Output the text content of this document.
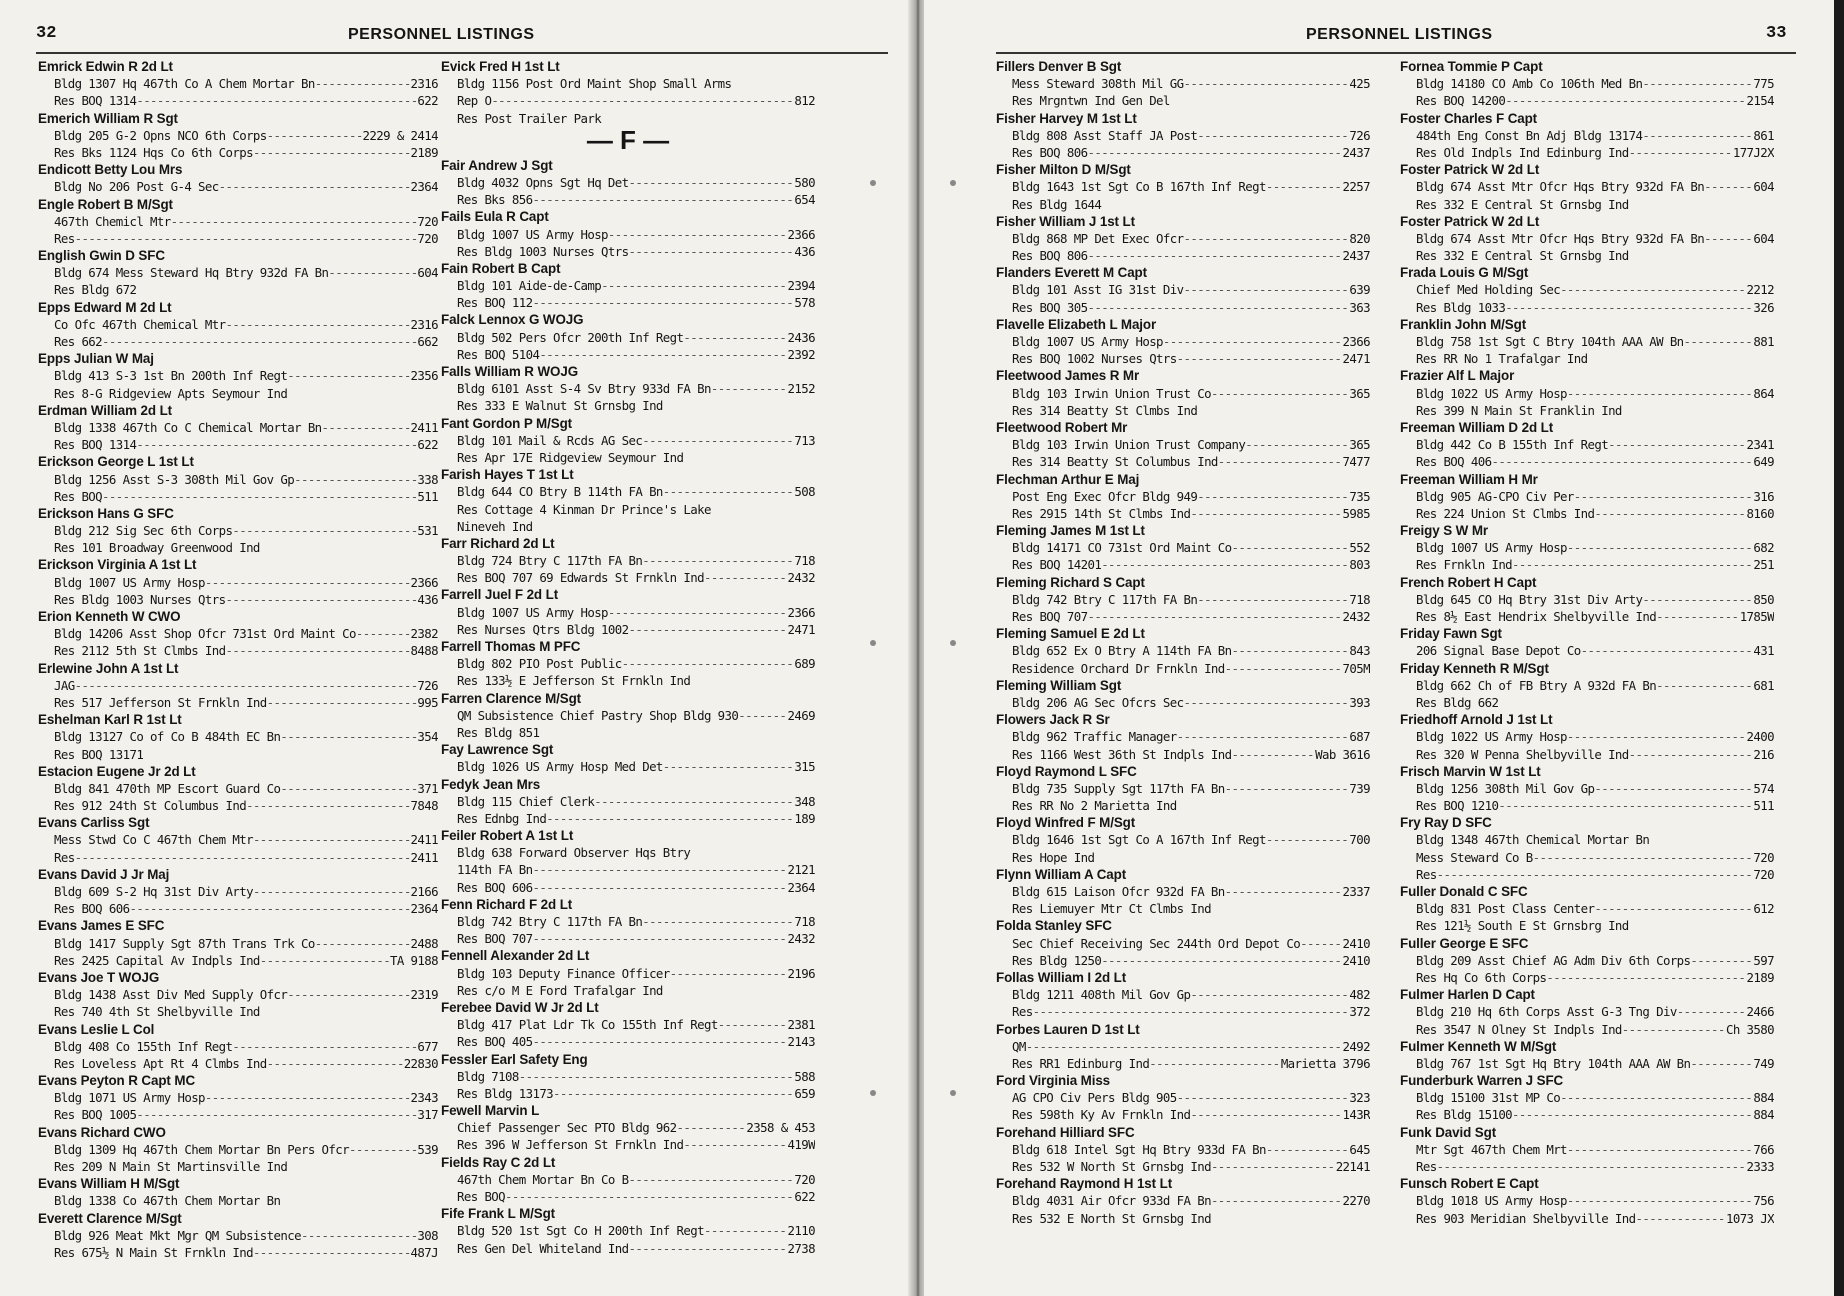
32	PERSONNEL LISTINGS
Emrick Edwin R 2d Lt
Bldg 1307 Hq 467th Co A Chem Mortar Bn -----	2316
Res BOQ 1314 -----	622
Emerich William R Sgt
Bldg 205 G-2 Opns NCO 6th Corps -----	2229 & 2414
Res Bks 1124 Hqs Co 6th Corps -----	2189
Endicott Betty Lou Mrs
Bldg No 206 Post G-4 Sec -----	2364
Engle Robert B M/Sgt
467th Chemicl Mtr -----	720
Res -----	720
English Gwin D SFC
Bldg 674 Mess Steward Hq Btry 932d FA Bn -----	604
Res Bldg 672
Epps Edward M 2d Lt
Co Ofc 467th Chemical Mtr -----	2316
Res 662 -----	662
Epps Julian W Maj
Bldg 413 S-3 1st Bn 200th Inf Regt -----	2356
Res 8-G Ridgeview Apts Seymour Ind
Erdman William 2d Lt
Bldg 1338 467th Co C Chemical Mortar Bn -----	2411
Res BOQ 1314 -----	622
Erickson George L 1st Lt
Bldg 1256 Asst S-3 308th Mil Gov Gp -----	338
Res BOQ -----	511
Erickson Hans G SFC
Bldg 212 Sig Sec 6th Corps -----	531
Res 101 Broadway Greenwood Ind
Erickson Virginia A 1st Lt
Bldg 1007 US Army Hosp -----	2366
Res Bldg 1003 Nurses Qtrs -----	436
Erion Kenneth W CWO
Bldg 14206 Asst Shop Ofcr 731st Ord Maint Co -----	2382
Res 2112 5th St Clmbs Ind -----	8488
Erlewine John A 1st Lt
JAG -----	726
Res 517 Jefferson St Frnkln Ind -----	995
Eshelman Karl R 1st Lt
Bldg 13127 Co of Co B 484th EC Bn -----	354
Res BOQ 13171
Estacion Eugene Jr 2d Lt
Bldg 841 470th MP Escort Guard Co -----	371
Res 912 24th St Columbus Ind -----	7848
Evans Carliss Sgt
Mess Stwd Co C 467th Chem Mtr -----	2411
Res -----	2411
Evans David J Jr Maj
Bldg 609 S-2 Hq 31st Div Arty -----	2166
Res BOQ 606 -----	2364
Evans James E SFC
Bldg 1417 Supply Sgt 87th Trans Trk Co -----	2488
Res 2425 Capital Av Indpls Ind -----	TA 9188
Evans Joe T WOJG
Bldg 1438 Asst Div Med Supply Ofcr -----	2319
Res 740 4th St Shelbyville Ind
Evans Leslie L Col
Bldg 408 Co 155th Inf Regt -----	677
Res Loveless Apt Rt 4 Clmbs Ind -----	22830
Evans Peyton R Capt MC
Bldg 1071 US Army Hosp -----	2343
Res BOQ 1005 -----	317
Evans Richard CWO
Bldg 1309 Hq 467th Chem Mortar Bn Pers Ofcr -----	539
Res 209 N Main St Martinsville Ind
Evans William H M/Sgt
Bldg 1338 Co 467th Chem Mortar Bn
Everett Clarence M/Sgt
Bldg 926 Meat Mkt Mgr QM Subsistence -----	308
Res 675½ N Main St Frnkln Ind -----	487J
Evick Fred H 1st Lt
Bldg 1156 Post Ord Maint Shop Small Arms
Rep O -----	812
Res Post Trailer Park
— F —
Fair Andrew J Sgt
Bldg 4032 Opns Sgt Hq Det -----	580
Res Bks 856 -----	654
Fails Eula R Capt
Bldg 1007 US Army Hosp -----	2366
Res Bldg 1003 Nurses Qtrs -----	436
Fain Robert B Capt
Bldg 101 Aide-de-Camp -----	2394
Res BOQ 112 -----	578
Falck Lennox G WOJG
Bldg 502 Pers Ofcr 200th Inf Regt -----	2436
Res BOQ 5104 -----	2392
Falls William R WOJG
Bldg 6101 Asst S-4 Sv Btry 933d FA Bn -----	2152
Res 333 E Walnut St Grnsbg Ind
Fant Gordon P M/Sgt
Bldg 101 Mail & Rcds AG Sec -----	713
Res Apr 17E Ridgeview Seymour Ind
Farish Hayes T 1st Lt
Bldg 644 CO Btry B 114th FA Bn -----	508
Res Cottage 4 Kinman Dr Prince's Lake
Nineveh Ind
Farr Richard 2d Lt
Bldg 724 Btry C 117th FA Bn -----	718
Res BOQ 707 69 Edwards St Frnkln Ind -----	2432
Farrell Juel F 2d Lt
Bldg 1007 US Army Hosp -----	2366
Res Nurses Qtrs Bldg 1002 -----	2471
Farrell Thomas M PFC
Bldg 802 PIO Post Public -----	689
Res 133½ E Jefferson St Frnkln Ind
Farren Clarence M/Sgt
QM Subsistence Chief Pastry Shop Bldg 930 -----	2469
Res Bldg 851
Fay Lawrence Sgt
Bldg 1026 US Army Hosp Med Det -----	315
Fedyk Jean Mrs
Bldg 115 Chief Clerk -----	348
Res Ednbg Ind -----	189
Feiler Robert A 1st Lt
Bldg 638 Forward Observer Hqs Btry
114th FA Bn -----	2121
Res BOQ 606 -----	2364
Fenn Richard F 2d Lt
Bldg 742 Btry C 117th FA Bn -----	718
Res BOQ 707 -----	2432
Fennell Alexander 2d Lt
Bldg 103 Deputy Finance Officer -----	2196
Res c/o M E Ford Trafalgar Ind
Ferebee David W Jr 2d Lt
Bldg 417 Plat Ldr Tk Co 155th Inf Regt -----	2381
Res BOQ 405 -----	2143
Fessler Earl Safety Eng
Bldg 7108 -----	588
Res Bldg 13173 -----	659
Fewell Marvin L
Chief Passenger Sec PTO Bldg 962 -----	2358 & 453
Res 396 W Jefferson St Frnkln Ind -----	419W
Fields Ray C 2d Lt
467th Chem Mortar Bn Co B -----	720
Res BOQ -----	622
Fife Frank L M/Sgt
Bldg 520 1st Sgt Co H 200th Inf Regt -----	2110
Res Gen Del Whiteland Ind -----	2738
PERSONNEL LISTINGS	33
Fillers Denver B Sgt
Mess Steward 308th Mil GG -----	425
Res Mrgntwn Ind Gen Del
Fisher Harvey M 1st Lt
Bldg 808 Asst Staff JA Post -----	726
Res BOQ 806 -----	2437
Fisher Milton D M/Sgt
Bldg 1643 1st Sgt Co B 167th Inf Regt -----	2257
Res Bldg 1644
Fisher William J 1st Lt
Bldg 868 MP Det Exec Ofcr -----	820
Res BOQ 806 -----	2437
Flanders Everett M Capt
Bldg 101 Asst IG 31st Div -----	639
Res BOQ 305 -----	363
Flavelle Elizabeth L Major
Bldg 1007 US Army Hosp -----	2366
Res BOQ 1002 Nurses Qtrs -----	2471
Fleetwood James R Mr
Bldg 103 Irwin Union Trust Co -----	365
Res 314 Beatty St Clmbs Ind
Fleetwood Robert Mr
Bldg 103 Irwin Union Trust Company -----	365
Res 314 Beatty St Columbus Ind -----	7477
Flechman Arthur E Maj
Post Eng Exec Ofcr Bldg 949 -----	735
Res 2915 14th St Clmbs Ind -----	5985
Fleming James M 1st Lt
Bldg 14171 CO 731st Ord Maint Co -----	552
Res BOQ 14201 -----	803
Fleming Richard S Capt
Bldg 742 Btry C 117th FA Bn -----	718
Res BOQ 707 -----	2432
Fleming Samuel E 2d Lt
Bldg 652 Ex O Btry A 114th FA Bn -----	843
Residence Orchard Dr Frnkln Ind -----	705M
Fleming William Sgt
Bldg 206 AG Sec Ofcrs Sec -----	393
Flowers Jack R Sr
Bldg 962 Traffic Manager -----	687
Res 1166 West 36th St Indpls Ind -----	Wab 3616
Floyd Raymond L SFC
Bldg 735 Supply Sgt 117th FA Bn -----	739
Res RR No 2 Marietta Ind
Floyd Winfred F M/Sgt
Bldg 1646 1st Sgt Co A 167th Inf Regt -----	700
Res Hope Ind
Flynn William A Capt
Bldg 615 Laison Ofcr 932d FA Bn -----	2337
Res Liemuyer Mtr Ct Clmbs Ind
Folda Stanley SFC
Sec Chief Receiving Sec 244th Ord Depot Co -----	2410
Res Bldg 1250 -----	2410
Follas William I 2d Lt
Bldg 1211 408th Mil Gov Gp -----	482
Res -----	372
Forbes Lauren D 1st Lt
QM -----	2492
Res RR1 Edinburg Ind -----	Marietta 3796
Ford Virginia Miss
AG CPO Civ Pers Bldg 905 -----	323
Res 598th Ky Av Frnkln Ind -----	143R
Forehand Hilliard SFC
Bldg 618 Intel Sgt Hq Btry 933d FA Bn -----	645
Res 532 W North St Grnsbg Ind -----	22141
Forehand Raymond H 1st Lt
Bldg 4031 Air Ofcr 933d FA Bn -----	2270
Res 532 E North St Grnsbg Ind
Fornea Tommie P Capt
Bldg 14180 CO Amb Co 106th Med Bn -----	775
Res BOQ 14200 -----	2154
Foster Charles F Capt
484th Eng Const Bn Adj Bldg 13174 -----	861
Res Old Indpls Ind Edinburg Ind -----	177J2X
Foster Patrick W 2d Lt
Bldg 674 Asst Mtr Ofcr Hqs Btry 932d FA Bn -----	604
Res 332 E Central St Grnsbg Ind
Foster Patrick W 2d Lt
Bldg 674 Asst Mtr Ofcr Hqs Btry 932d FA Bn -----	604
Res 332 E Central St Grnsbg Ind
Frada Louis G M/Sgt
Chief Med Holding Sec -----	2212
Res Bldg 1033 -----	326
Franklin John M/Sgt
Bldg 758 1st Sgt C Btry 104th AAA AW Bn -----	881
Res RR No 1 Trafalgar Ind
Frazier Alf L Major
Bldg 1022 US Army Hosp -----	864
Res 399 N Main St Franklin Ind
Freeman William D 2d Lt
Bldg 442 Co B 155th Inf Regt -----	2341
Res BOQ 406 -----	649
Freeman William H Mr
Bldg 905 AG-CPO Civ Per -----	316
Res 224 Union St Clmbs Ind -----	8160
Freigy S W Mr
Bldg 1007 US Army Hosp -----	682
Res Frnkln Ind -----	251
French Robert H Capt
Bldg 645 CO Hq Btry 31st Div Arty -----	850
Res 8½ East Hendrix Shelbyville Ind -----	1785W
Friday Fawn Sgt
206 Signal Base Depot Co -----	431
Friday Kenneth R M/Sgt
Bldg 662 Ch of FB Btry A 932d FA Bn -----	681
Res Bldg 662
Friedhoff Arnold J 1st Lt
Bldg 1022 US Army Hosp -----	2400
Res 320 W Penna Shelbyville Ind -----	216
Frisch Marvin W 1st Lt
Bldg 1256 308th Mil Gov Gp -----	574
Res BOQ 1210 -----	511
Fry Ray D SFC
Bldg 1348 467th Chemical Mortar Bn
Mess Steward Co B -----	720
Res -----	720
Fuller Donald C SFC
Bldg 831 Post Class Center -----	612
Res 121½ South E St Grnsbrg Ind
Fuller George E SFC
Bldg 209 Asst Chief AG Adm Div 6th Corps -----	597
Res Hq Co 6th Corps -----	2189
Fulmer Harlen D Capt
Bldg 210 Hq 6th Corps Asst G-3 Tng Div -----	2466
Res 3547 N Olney St Indpls Ind -----	Ch 3580
Fulmer Kenneth W M/Sgt
Bldg 767 1st Sgt Hq Btry 104th AAA AW Bn -----	749
Funderburk Warren J SFC
Bldg 15100 31st MP Co -----	884
Res Bldg 15100 -----	884
Funk David Sgt
Mtr Sgt 467th Chem Mrt -----	766
Res -----	2333
Funsch Robert E Capt
Bldg 1018 US Army Hosp -----	756
Res 903 Meridian Shelbyville Ind -----	1073 JX
